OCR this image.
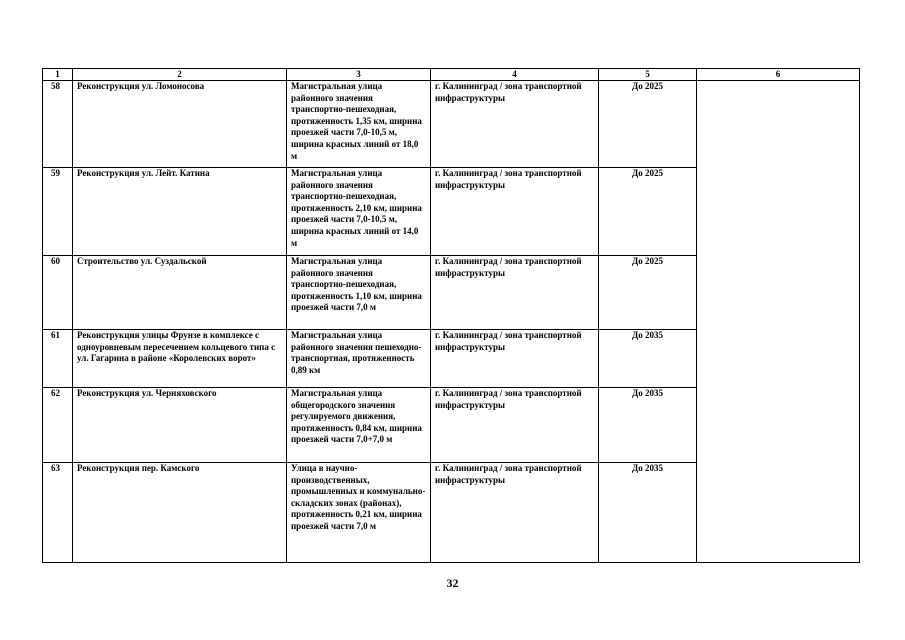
1	2	3	4	5	6
58	Реконструкция ул. Ломоносова	Магистральная улица районного значения транспортно-пешеходная, протяженность 1,35 км, ширина проезжей части 7,0-10,5 м, ширина красных линий от 18,0 м	г. Калининград / зона транспортной инфраструктуры	До 2025	
59	Реконструкция ул. Лейт. Катина	Магистральная улица районного значения транспортно-пешеходная, протяженность 2,10 км, ширина проезжей части 7,0-10,5 м, ширина красных линий от 14,0 м	г. Калининград / зона транспортной инфраструктуры	До 2025	
60	Строительство ул. Суздальской	Магистральная улица районного значения транспортно-пешеходная, протяженность 1,10 км, ширина проезжей части 7,0 м	г. Калининград / зона транспортной инфраструктуры	До 2025	
61	Реконструкция улицы Фрунзе в комплексе с одноуровневым пересечением кольцевого типа с ул. Гагарина в районе «Королевских ворот»	Магистральная улица районного значения пешеходно-транспортная, протяженность 0,89 км	г. Калининград / зона транспортной инфраструктуры	До 2035	
62	Реконструкция ул. Черняховского	Магистральная улица общегородского значения регулируемого движения, протяженность 0,84 км, ширина проезжей части 7,0+7,0 м	г. Калининград / зона транспортной инфраструктуры	До 2035	
63	Реконструкция пер. Камского	Улица в научно-производственных, промышленных и коммунально-складских зонах (районах), протяженность 0,21 км, ширина проезжей части 7,0 м	г. Калининград / зона транспортной инфраструктуры	До 2035	
32
